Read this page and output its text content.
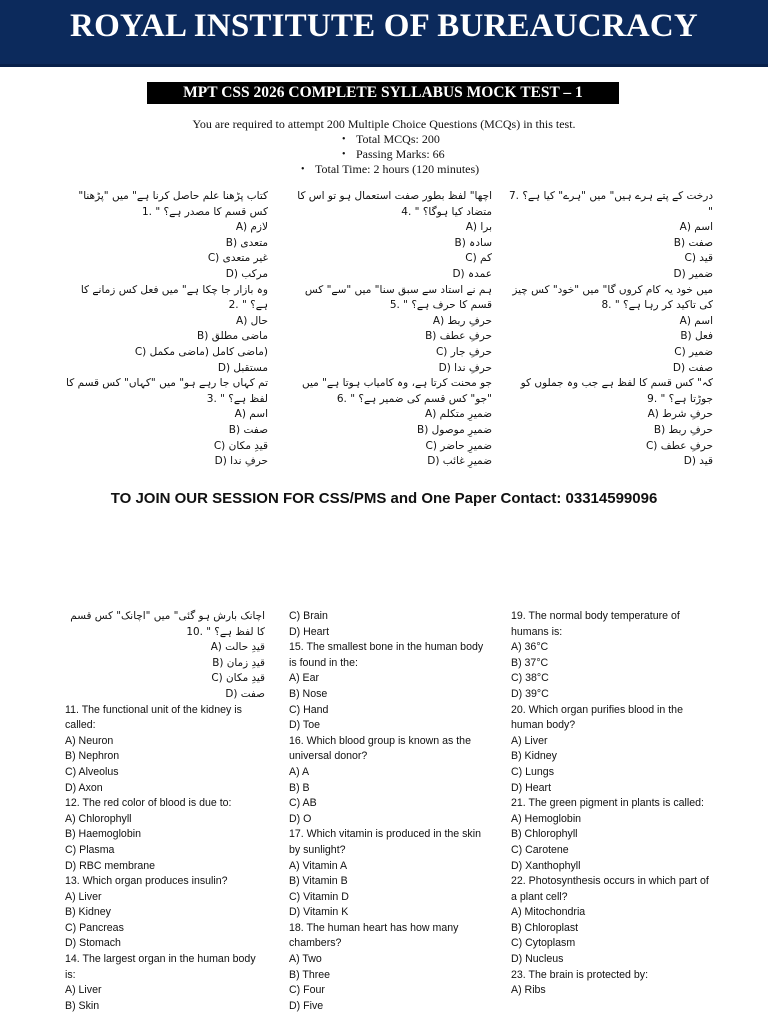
ROYAL INSTITUTE OF BUREAUCRACY
MPT CSS 2026 COMPLETE SYLLABUS MOCK TEST – 1
You are required to attempt 200 Multiple Choice Questions (MCQs) in this test.
• Total MCQs: 200
• Passing Marks: 66
• Total Time: 2 hours (120 minutes)
کتاب پڑھنا علم حاصل کرنا ہے" میں "پڑھنا" کس قسم کا مصدر ہے؟ ⁦1. "⁩
لازم A)
متعدی B)
غیر متعدی C)
مرکب D)
وہ بازار جا چکا ہے" میں فعل کس زمانے کا ہے؟ ⁦2. "⁩
حال A)
ماضی مطلق B)
(ماضی کامل (ماضی مکمل C)
مستقبل D)
تم کہاں جا رہے ہو" میں "کہاں" کس قسم کا لفظ ہے؟ ⁦3. "⁩
اسم A)
صفت B)
قیدِ مکان C)
حرفِ ندا D)
اچھا" لفظ بطور صفت استعمال ہو تو اس کا متضاد کیا ہوگا؟ ⁦4. "⁩
برا A)
سادہ B)
کم C)
عمدہ D)
ہم نے استاد سے سبق سنا" میں "سے" کس قسم کا حرف ہے؟ ⁦5. "⁩
حرفِ ربط A)
حرفِ عطف B)
حرفِ جار C)
حرفِ ندا D)
جو محنت کرتا ہے، وہ کامیاب ہوتا ہے" میں "جو" کس قسم کی ضمیر ہے؟ ⁦6. "⁩
ضمیرِ متکلم A)
ضمیرِ موصول B)
ضمیرِ حاضر C)
ضمیرِ غائب D)
درخت کے پتے ہرے ہیں" میں "ہرے" کیا ہے؟ ⁦7. "⁩
اسم A)
صفت B)
قید C)
ضمیر D)
میں خود یہ کام کروں گا" میں "خود" کس چیز کی تاکید کر رہا ہے؟ ⁦8. "⁩
اسم A)
فعل B)
ضمیر C)
صفت D)
کہ" کس قسم کا لفظ ہے جب وہ جملوں کو جوڑتا ہے؟ ⁦9. "⁩
حرفِ شرط A)
حرفِ ربط B)
حرفِ عطف C)
قید D)
TO JOIN OUR SESSION FOR CSS/PMS and One Paper Contact: 03314599096
اچانک بارش ہو گئی" میں "اچانک" کس قسم کا لفظ ہے؟ ⁦10. "⁩
قیدِ حالت A)
قیدِ زمان B)
قیدِ مکان C)
صفت D)
11. The functional unit of the kidney is called:
A) Neuron
B) Nephron
C) Alveolus
D) Axon
12. The red color of blood is due to:
A) Chlorophyll
B) Haemoglobin
C) Plasma
D) RBC membrane
13. Which organ produces insulin?
A) Liver
B) Kidney
C) Pancreas
D) Stomach
14. The largest organ in the human body is:
A) Liver
B) Skin
C) Brain
D) Heart
15. The smallest bone in the human body is found in the:
A) Ear
B) Nose
C) Hand
D) Toe
16. Which blood group is known as the universal donor?
A) A
B) B
C) AB
D) O
17. Which vitamin is produced in the skin by sunlight?
A) Vitamin A
B) Vitamin B
C) Vitamin D
D) Vitamin K
18. The human heart has how many chambers?
A) Two
B) Three
C) Four
D) Five
19. The normal body temperature of humans is:
A) 36°C
B) 37°C
C) 38°C
D) 39°C
20. Which organ purifies blood in the human body?
A) Liver
B) Kidney
C) Lungs
D) Heart
21. The green pigment in plants is called:
A) Hemoglobin
B) Chlorophyll
C) Carotene
D) Xanthophyll
22. Photosynthesis occurs in which part of a plant cell?
A) Mitochondria
B) Chloroplast
C) Cytoplasm
D) Nucleus
23. The brain is protected by:
A) Ribs
